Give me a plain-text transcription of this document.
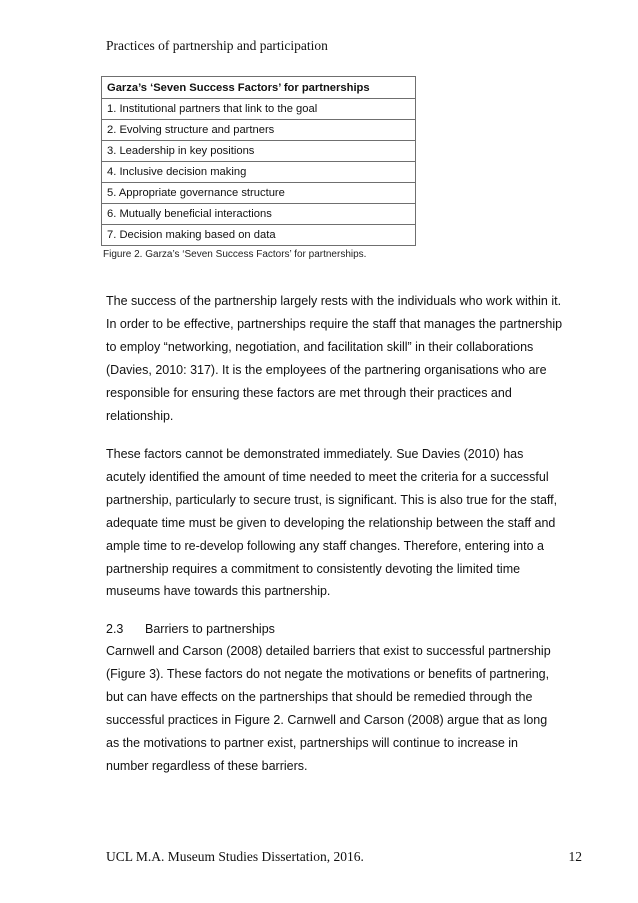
Practices of partnership and participation
Garza’s ‘Seven Success Factors’ for partnerships
1. Institutional partners that link to the goal
2. Evolving structure and partners
3. Leadership in key positions
4. Inclusive decision making
5. Appropriate governance structure
6. Mutually beneficial interactions
7. Decision making based on data
Figure 2. Garza’s ‘Seven Success Factors’ for partnerships.

The success of the partnership largely rests with the individuals who work within it.

In order to be effective, partnerships require the staff that manages the partnership

to employ “networking, negotiation, and facilitation skill” in their collaborations

(Davies, 2010: 317). It is the employees of the partnering organisations who are

responsible for ensuring these factors are met through their practices and

relationship.

These factors cannot be demonstrated immediately. Sue Davies (2010) has

acutely identified the amount of time needed to meet the criteria for a successful

partnership, particularly to secure trust, is significant. This is also true for the staff,

adequate time must be given to developing the relationship between the staff and

ample time to re-develop following any staff changes. Therefore, entering into a

partnership requires a commitment to consistently devoting the limited time

museums have towards this partnership.

2.3 Barriers to partnerships

Carnwell and Carson (2008) detailed barriers that exist to successful partnership

(Figure 3). These factors do not negate the motivations or benefits of partnering,

but can have effects on the partnerships that should be remedied through the

successful practices in Figure 2. Carnwell and Carson (2008) argue that as long

as the motivations to partner exist, partnerships will continue to increase in

number regardless of these barriers.

UCL M.A. Museum Studies Dissertation, 2016.	12
